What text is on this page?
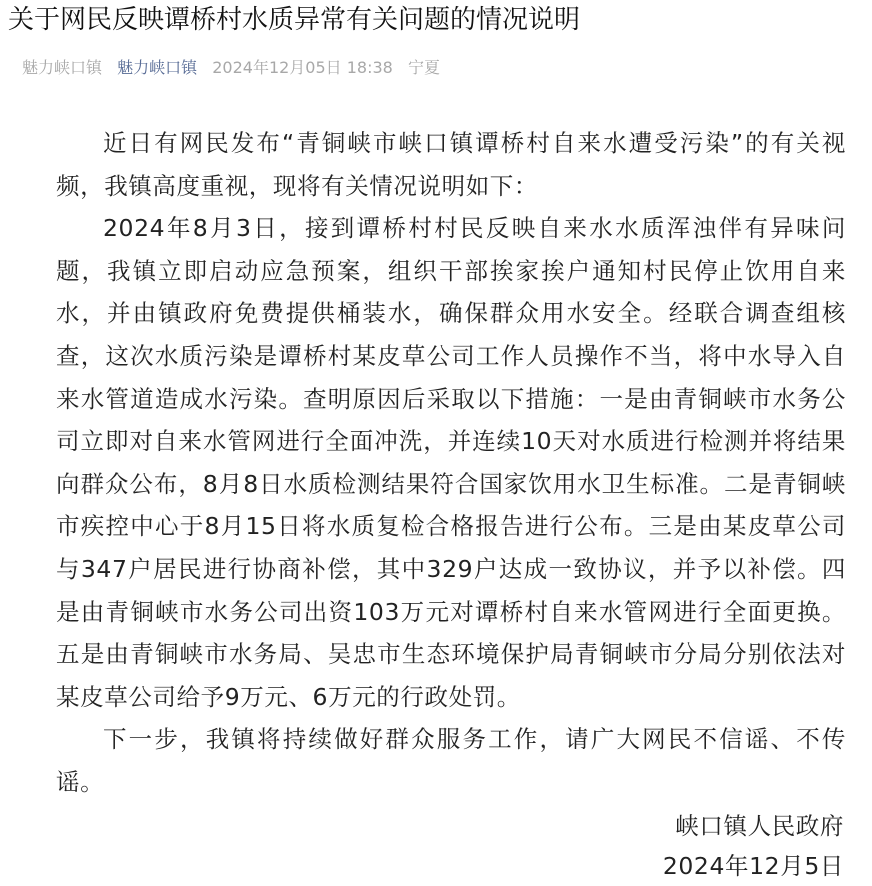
关于网民反映谭桥村水质异常有关问题的情况说明
魅力峡口镇 魅力峡口镇 2024年12月05日 18:38 宁夏

近日有网民发布“青铜峡市峡口镇谭桥村自来水遭受污染”的有关视频，我镇高度重视，现将有关情况说明如下：

2024年8月3日，接到谭桥村村民反映自来水水质浑浊伴有异味问题，我镇立即启动应急预案，组织干部挨家挨户通知村民停止饮用自来水，并由镇政府免费提供桶装水，确保群众用水安全。经联合调查组核查，这次水质污染是谭桥村某皮草公司工作人员操作不当，将中水导入自来水管道造成水污染。查明原因后采取以下措施：一是由青铜峡市水务公司立即对自来水管网进行全面冲洗，并连续10天对水质进行检测并将结果向群众公布，8月8日水质检测结果符合国家饮用水卫生标准。二是青铜峡市疾控中心于8月15日将水质复检合格报告进行公布。三是由某皮草公司与347户居民进行协商补偿，其中329户达成一致协议，并予以补偿。四是由青铜峡市水务公司出资103万元对谭桥村自来水管网进行全面更换。五是由青铜峡市水务局、吴忠市生态环境保护局青铜峡市分局分别依法对某皮草公司给予9万元、6万元的行政处罚。

下一步，我镇将持续做好群众服务工作，请广大网民不信谣、不传谣。

峡口镇人民政府
2024年12月5日
